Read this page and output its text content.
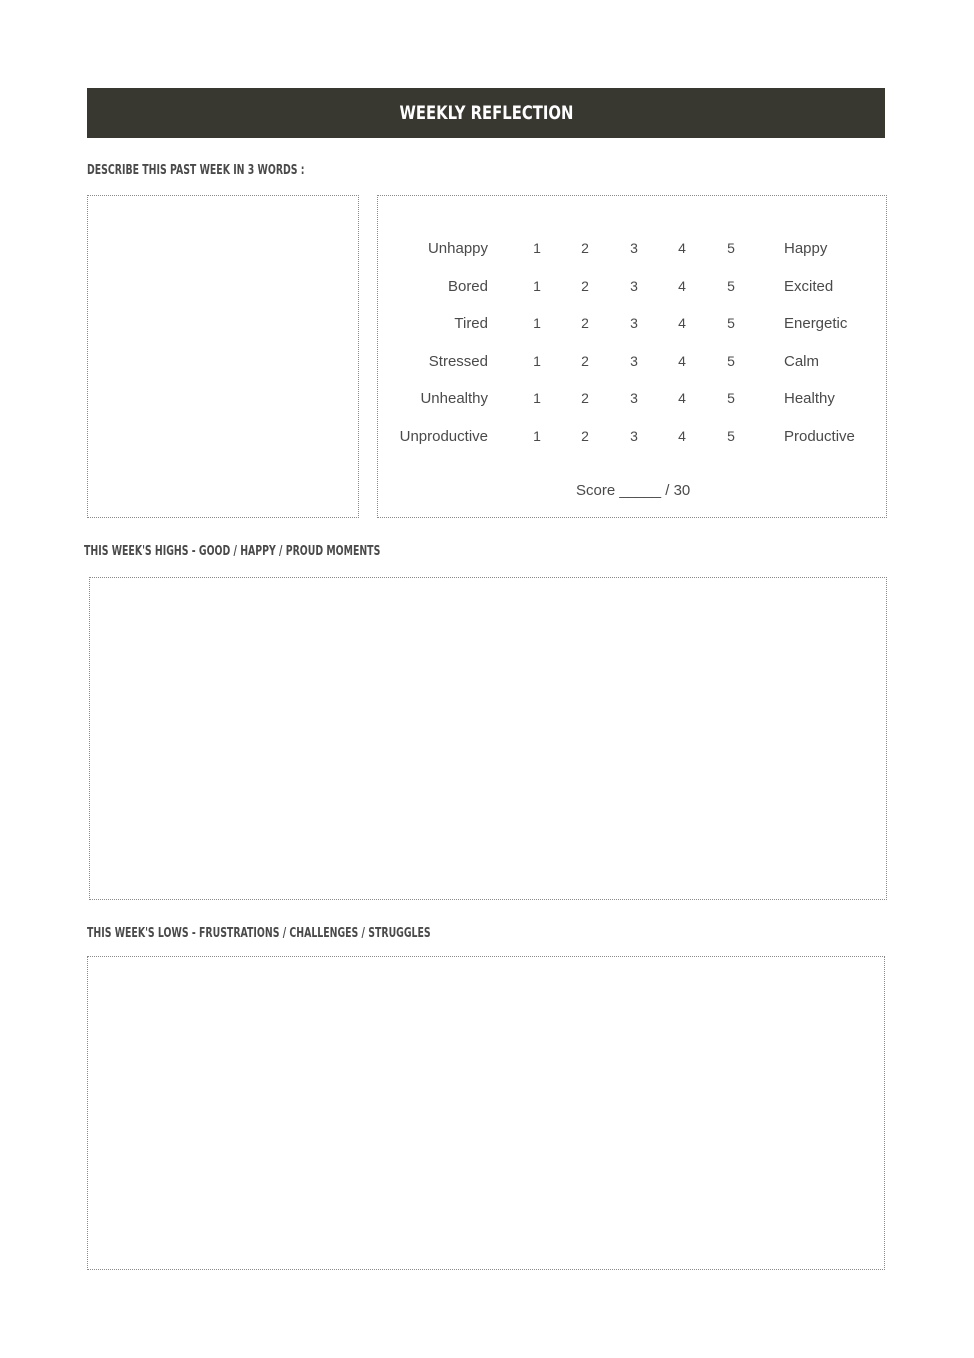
WEEKLY REFLECTION
DESCRIBE THIS PAST WEEK IN 3 WORDS :
Unhappy	1	2	3	4	5	Happy
Bored	1	2	3	4	5	Excited
Tired	1	2	3	4	5	Energetic
Stressed	1	2	3	4	5	Calm
Unhealthy	1	2	3	4	5	Healthy
Unproductive	1	2	3	4	5	Productive
Score _____ / 30
THIS WEEK'S HIGHS - GOOD / HAPPY / PROUD MOMENTS
THIS WEEK'S LOWS - FRUSTRATIONS / CHALLENGES / STRUGGLES
